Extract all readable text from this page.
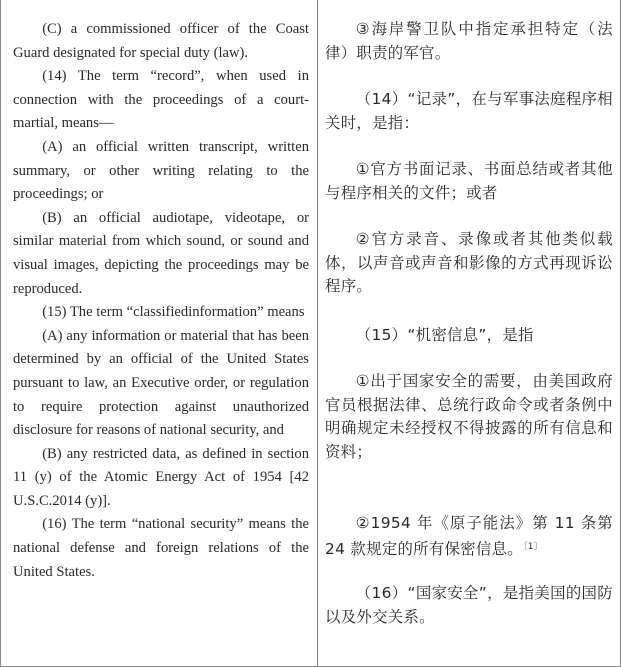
(C) a commissioned officer of the Coast Guard designated for special duty (law).

(14) The term “record”, when used in connection with the proceedings of a court-martial, means—

(A) an official written transcript, written summary, or other writing relating to the proceedings; or

(B) an official audiotape, videotape, or similar material from which sound, or sound and visual images, depicting the proceedings may be reproduced.

(15) The term “classifiedinformation” means

(A) any information or material that has been determined by an official of the United States pursuant to law, an Executive order, or regulation to require protection against unauthorized disclosure for reasons of national security, and

(B) any restricted data, as defined in section 11 (y) of the Atomic Energy Act of 1954 [42 U.S.C.2014 (y)].

(16) The term “national security” means the national defense and foreign relations of the United States.

③海岸警卫队中指定承担特定（法律）职责的军官。

（14）“记录”，在与军事法庭程序相关时，是指：

①官方书面记录、书面总结或者其他与程序相关的文件；或者

②官方录音、录像或者其他类似载体，以声音或声音和影像的方式再现诉讼程序。

（15）“机密信息”，是指

①出于国家安全的需要，由美国政府官员根据法律、总统行政命令或者条例中明确规定未经授权不得披露的所有信息和资料；

②1954 年《原子能法》第 11 条第 24 款规定的所有保密信息。$^{〔1〕}$

（16）“国家安全”，是指美国的国防以及外交关系。
